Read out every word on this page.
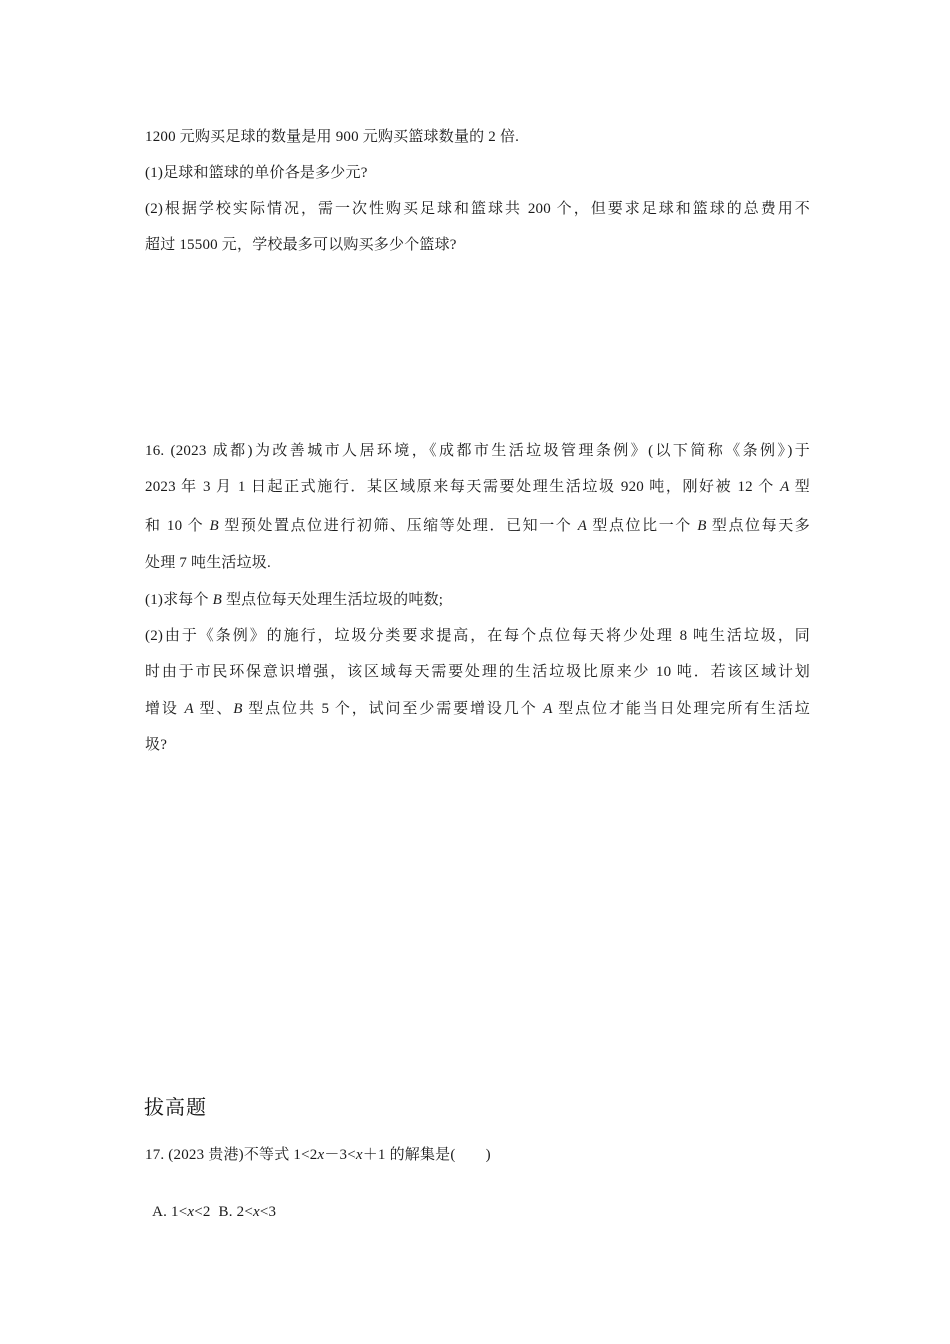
1200 元购买足球的数量是用 900 元购买篮球数量的 2 倍.
(1)足球和篮球的单价各是多少元?
(2)根据学校实际情况，需一次性购买足球和篮球共 200 个，但要求足球和篮球的总费用不
超过 15500 元，学校最多可以购买多少个篮球?
16. (2023 成都)为改善城市人居环境，《成都市生活垃圾管理条例》(以下简称《条例》)于
2023 年 3 月 1 日起正式施行．某区域原来每天需要处理生活垃圾 920 吨，刚好被 12 个 A 型
和 10 个 B 型预处置点位进行初筛、压缩等处理．已知一个 A 型点位比一个 B 型点位每天多
处理 7 吨生活垃圾.
(1)求每个 B 型点位每天处理生活垃圾的吨数;
(2)由于《条例》的施行，垃圾分类要求提高，在每个点位每天将少处理 8 吨生活垃圾，同
时由于市民环保意识增强，该区域每天需要处理的生活垃圾比原来少 10 吨．若该区域计划
增设 A 型、B 型点位共 5 个，试问至少需要增设几个 A 型点位才能当日处理完所有生活垃
圾?
拔高题
17. (2023 贵港)不等式 1<2x－3<x＋1 的解集是( )

A. 1<x<2  B. 2<x<3
